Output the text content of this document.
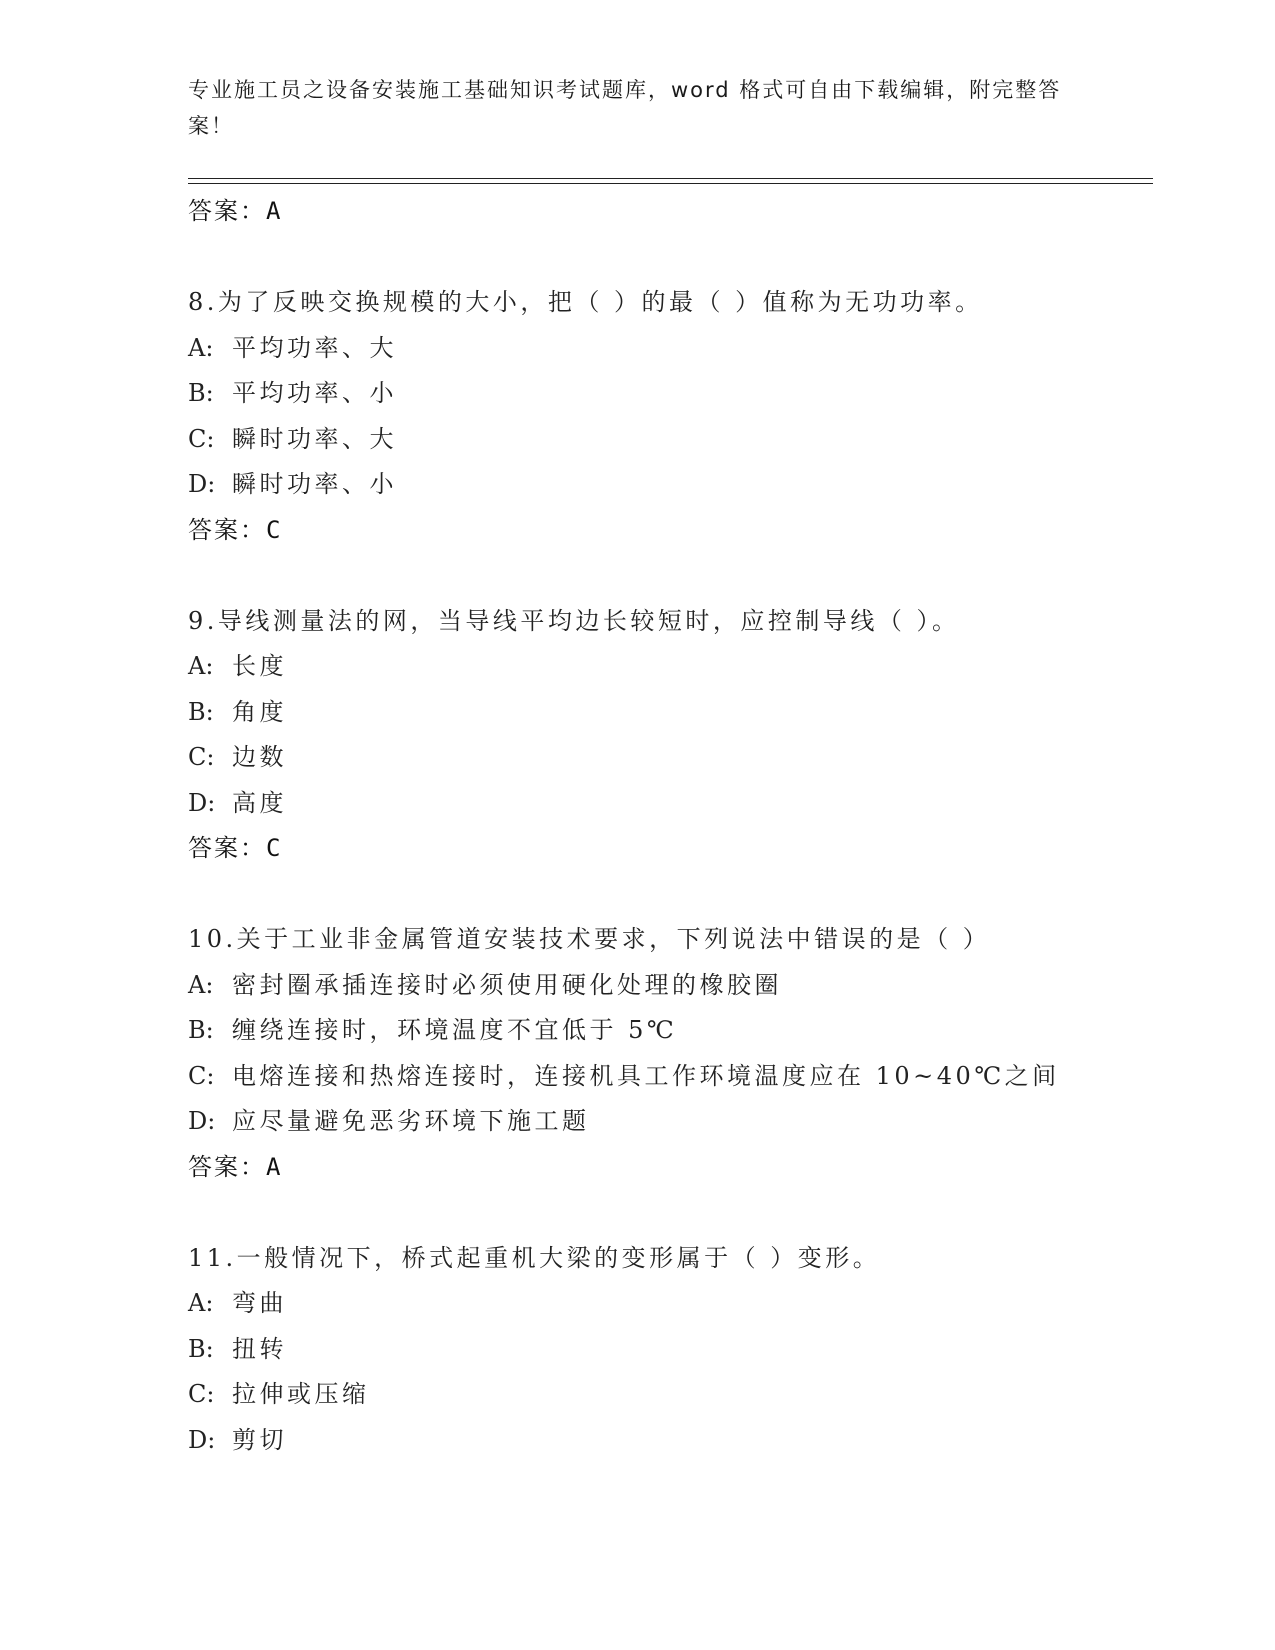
专业施工员之设备安装施工基础知识考试题库，word 格式可自由下载编辑，附完整答案！
答案：A
8.为了反映交换规模的大小，把（ ）的最（ ）值称为无功功率。
A: 平均功率、大
B: 平均功率、小
C: 瞬时功率、大
D: 瞬时功率、小
答案：C
9.导线测量法的网，当导线平均边长较短时，应控制导线（ ）。
A: 长度
B: 角度
C: 边数
D: 高度
答案：C
10.关于工业非金属管道安装技术要求，下列说法中错误的是（ ）
A: 密封圈承插连接时必须使用硬化处理的橡胶圈
B: 缠绕连接时，环境温度不宜低于 5℃
C: 电熔连接和热熔连接时，连接机具工作环境温度应在 10~40℃之间
D: 应尽量避免恶劣环境下施工题
答案：A
11.一般情况下，桥式起重机大梁的变形属于（ ）变形。
A: 弯曲
B: 扭转
C: 拉伸或压缩
D: 剪切
